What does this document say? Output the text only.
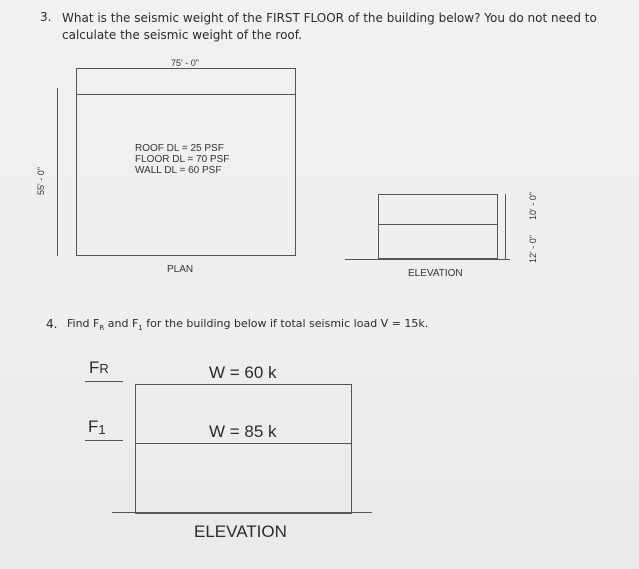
3. What is the seismic weight of the FIRST FLOOR of the building below? You do not need to
calculate the seismic weight of the roof.
75' - 0"
55' - 0"
ROOF DL = 25 PSF
FLOOR DL = 70 PSF
WALL DL = 60 PSF
PLAN
10' - 0"
12' - 0"
ELEVATION
4. Find $F_R$ and $F_1$ for the building below if total seismic load V = 15k.
FR	W = 60 k
F1	W = 85 k
ELEVATION
